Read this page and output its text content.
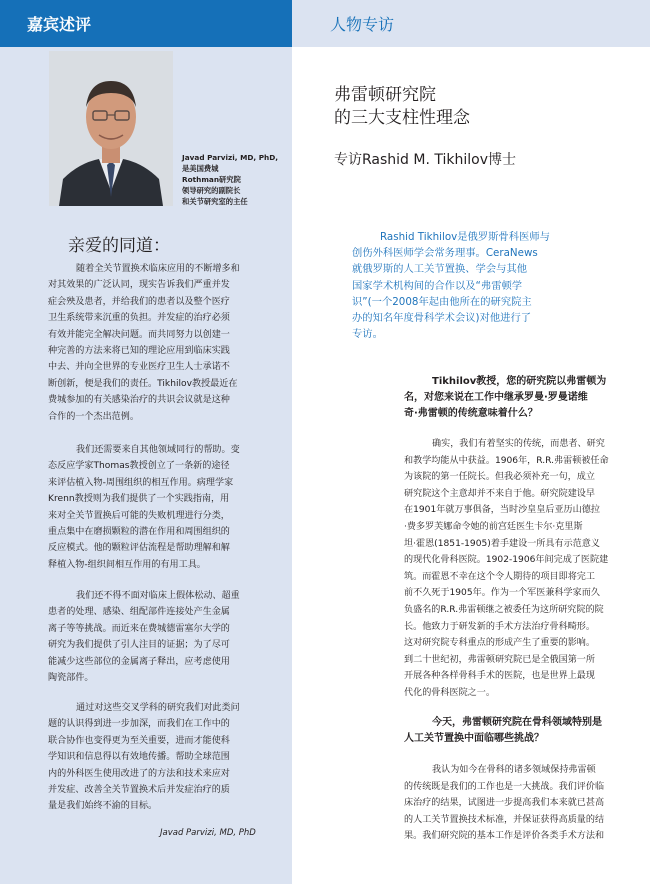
嘉宾述评	人物专访
Javad Parvizi, MD, PhD,
是美国费城
Rothman研究院
领导研究的副院长
和关节研究室的主任
亲爱的同道：
随着全关节置换术临床应用的不断增多和
对其效果的广泛认同，现实告诉我们严重并发
症会殃及患者，并给我们的患者以及整个医疗
卫生系统带来沉重的负担。并发症的治疗必须
有效并能完全解决问题。而共同努力以创建一
种完善的方法来将已知的理论应用到临床实践
中去、并向全世界的专业医疗卫生人士承诺不
断创新，便是我们的责任。Tikhilov教授最近在
费城参加的有关感染治疗的共识会议就是这种
合作的一个杰出范例。
我们还需要来自其他领域同行的帮助。变
态反应学家Thomas教授创立了一条新的途径
来评估植入物-周围组织的相互作用。病理学家
Krenn教授则为我们提供了一个实践指南，用
来对全关节置换后可能的失败机理进行分类，
重点集中在磨损颗粒的潜在作用和周围组织的
反应模式。他的颗粒评估流程是帮助理解和解
释植入物-组织间相互作用的有用工具。
我们还不得不面对临床上假体松动、超重
患者的处理、感染、组配部件连接处产生金属
离子等等挑战。而近来在费城德雷塞尔大学的
研究为我们提供了引人注目的证据；为了尽可
能减少这些部位的金属离子释出，应考虑使用
陶瓷部件。
通过对这些交叉学科的研究我们对此类问
题的认识得到进一步加深，而我们在工作中的
联合协作也变得更为至关重要，进而才能使科
学知识和信息得以有效地传播。帮助全球范围
内的外科医生使用改进了的方法和技术来应对
并发症、改善全关节置换术后并发症治疗的质
量是我们始终不渝的目标。
Javad Parvizi, MD, PhD
弗雷顿研究院
的三大支柱性理念
专访Rashid M. Tikhilov博士
Rashid Tikhilov是俄罗斯骨科医师与
创伤外科医师学会常务理事。CeraNews
就俄罗斯的人工关节置换、学会与其他
国家学术机构间的合作以及“弗雷顿学
识”(一个2008年起由他所在的研究院主
办的知名年度骨科学术会议)对他进行了
专访。
Tikhilov教授，您的研究院以弗雷顿为
名，对您来说在工作中继承罗曼·罗曼诺维
奇·弗雷顿的传统意味着什么？
确实，我们有着坚实的传统，而患者、研究
和教学均能从中获益。1906年，R.R.弗雷顿被任命
为该院的第一任院长。但我必须补充一句，成立
研究院这个主意却并不来自于他。研究院建设早
在1901年就万事俱备，当时沙皇皇后亚历山德拉
·费多罗芙娜命令她的前宫廷医生卡尔·克里斯
坦·霍恩(1851-1905)着手建设一所具有示范意义
的现代化骨科医院。1902-1906年间完成了医院建
筑。而霍恩不幸在这个令人期待的项目即将完工
前不久死于1905年。作为一个军医兼科学家而久
负盛名的R.R.弗雷顿继之被委任为这所研究院的院
长。他致力于研发新的手术方法治疗骨科畸形。
这对研究院专科重点的形成产生了重要的影响。
到二十世纪初，弗雷顿研究院已是全俄国第一所
开展各种各样骨科手术的医院，也是世界上最现
代化的骨科医院之一。
今天，弗雷顿研究院在骨科领域特别是
人工关节置换中面临哪些挑战？
我认为如今在骨科的诸多领域保持弗雷顿
的传统既是我们的工作也是一大挑战。我们评价临
床治疗的结果，试图进一步提高我们本来就已甚高
的人工关节置换技术标准，并保证获得高质量的结
果。我们研究院的基本工作是评价各类手术方法和
